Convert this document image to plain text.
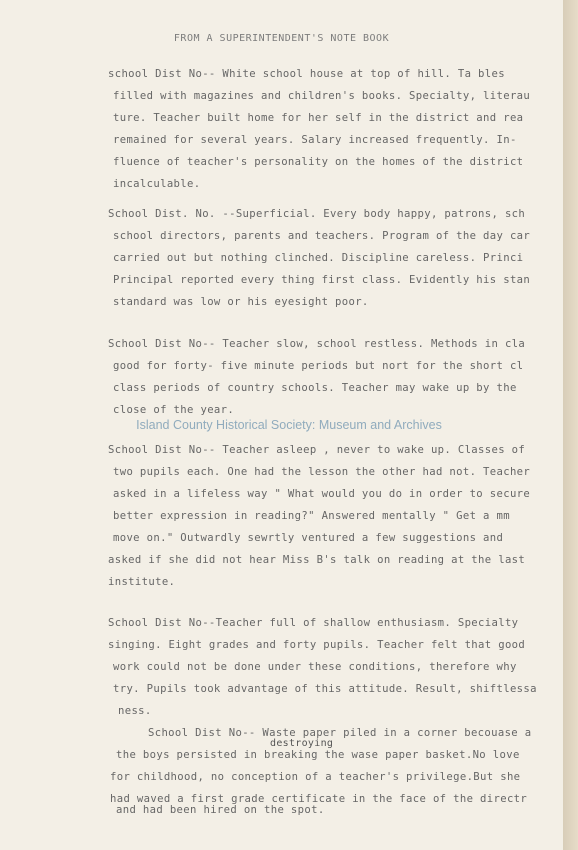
FROM A SUPERINTENDENT'S NOTE BOOK
school Dist No-- White school house at top of hill. Ta bles
filled with magazines and children's books. Specialty, literau
ture. Teacher built home for her self in the district and rea
remained for several years. Salary increased frequently. In-
fluence of teacher's personality on the homes of the district
incalculable.
School Dist. No. --Superficial. Every body happy, patrons, sch
school directors, parents and teachers. Program of the day car
carried out but nothing clinched. Discipline careless. Princi
Principal reported every thing first class. Evidently his stan
standard was low or his eyesight poor.
School Dist No-- Teacher slow, school restless. Methods in cla
good for forty- five minute periods but nort for the short cl
class periods of country schools. Teacher may wake up by the
close of the year.
School Dist No-- Teacher asleep , never to wake up. Classes of
two pupils each. One had the lesson the other had not. Teacher
asked in a lifeless way " What would you do in order to secure
better expression in reading?" Answered mentally " Get a mm
move on." Outwardly sewrtly ventured a few suggestions and
asked if she did not hear Miss B's talk on reading at the last
institute.
School Dist No--Teacher full of shallow enthusiasm. Specialty
singing. Eight grades and forty pupils. Teacher felt that good
work could not be done under these conditions, therefore why
try. Pupils took advantage of this attitude. Result, shiftlessa
ness.
School Dist No-- Waste paper piled in a corner becouase a
destroying
the boys persisted in breaking the wase paper basket.No love
for childhood, no conception of a teacher's privilege.But she
had waved a first grade certificate in the face of the directr
and had been hired on the spot.
Island County Historical Society: Museum and Archives
